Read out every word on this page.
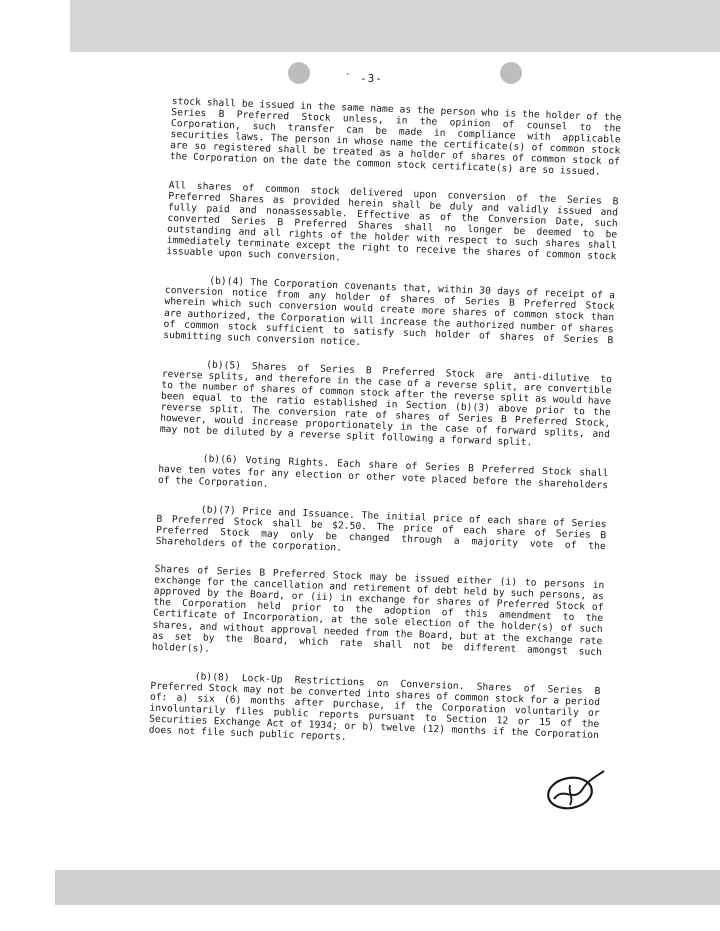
· -3-

stock shall be issued in the same name as the person who is the holder of the Series B Preferred Stock unless, in the opinion of counsel to the Corporation, such transfer can be made in compliance with applicable securities laws. The person in whose name the certificate(s) of common stock are so registered shall be treated as a holder of shares of common stock of the Corporation on the date the common stock certificate(s) are so issued.

All shares of common stock delivered upon conversion of the Series B Preferred Shares as provided herein shall be duly and validly issued and fully paid and nonassessable. Effective as of the Conversion Date, such converted Series B Preferred Shares shall no longer be deemed to be outstanding and all rights of the holder with respect to such shares shall immediately terminate except the right to receive the shares of common stock issuable upon such conversion.

(b)(4) The Corporation covenants that, within 30 days of receipt of a conversion notice from any holder of shares of Series B Preferred Stock wherein which such conversion would create more shares of common stock than are authorized, the Corporation will increase the authorized number of shares of common stock sufficient to satisfy such holder of shares of Series B submitting such conversion notice.

(b)(5) Shares of Series B Preferred Stock are anti-dilutive to reverse splits, and therefore in the case of a reverse split, are convertible to the number of shares of common stock after the reverse split as would have been equal to the ratio established in Section (b)(3) above prior to the reverse split. The conversion rate of shares of Series B Preferred Stock, however, would increase proportionately in the case of forward splits, and may not be diluted by a reverse split following a forward split.

(b)(6) Voting Rights. Each share of Series B Preferred Stock shall have ten votes for any election or other vote placed before the shareholders of the Corporation.

(b)(7) Price and Issuance. The initial price of each share of Series B Preferred Stock shall be $2.50. The price of each share of Series B Preferred Stock may only be changed through a majority vote of the Shareholders of the corporation.

Shares of Series B Preferred Stock may be issued either (i) to persons in exchange for the cancellation and retirement of debt held by such persons, as approved by the Board, or (ii) in exchange for shares of Preferred Stock of the Corporation held prior to the adoption of this amendment to the Certificate of Incorporation, at the sole election of the holder(s) of such shares, and without approval needed from the Board, but at the exchange rate as set by the Board, which rate shall not be different amongst such holder(s).

(b)(8) Lock-Up Restrictions on Conversion. Shares of Series B Preferred Stock may not be converted into shares of common stock for a period of: a) six (6) months after purchase, if the Corporation voluntarily or involuntarily files public reports pursuant to Section 12 or 15 of the Securities Exchange Act of 1934; or b) twelve (12) months if the Corporation does not file such public reports.
